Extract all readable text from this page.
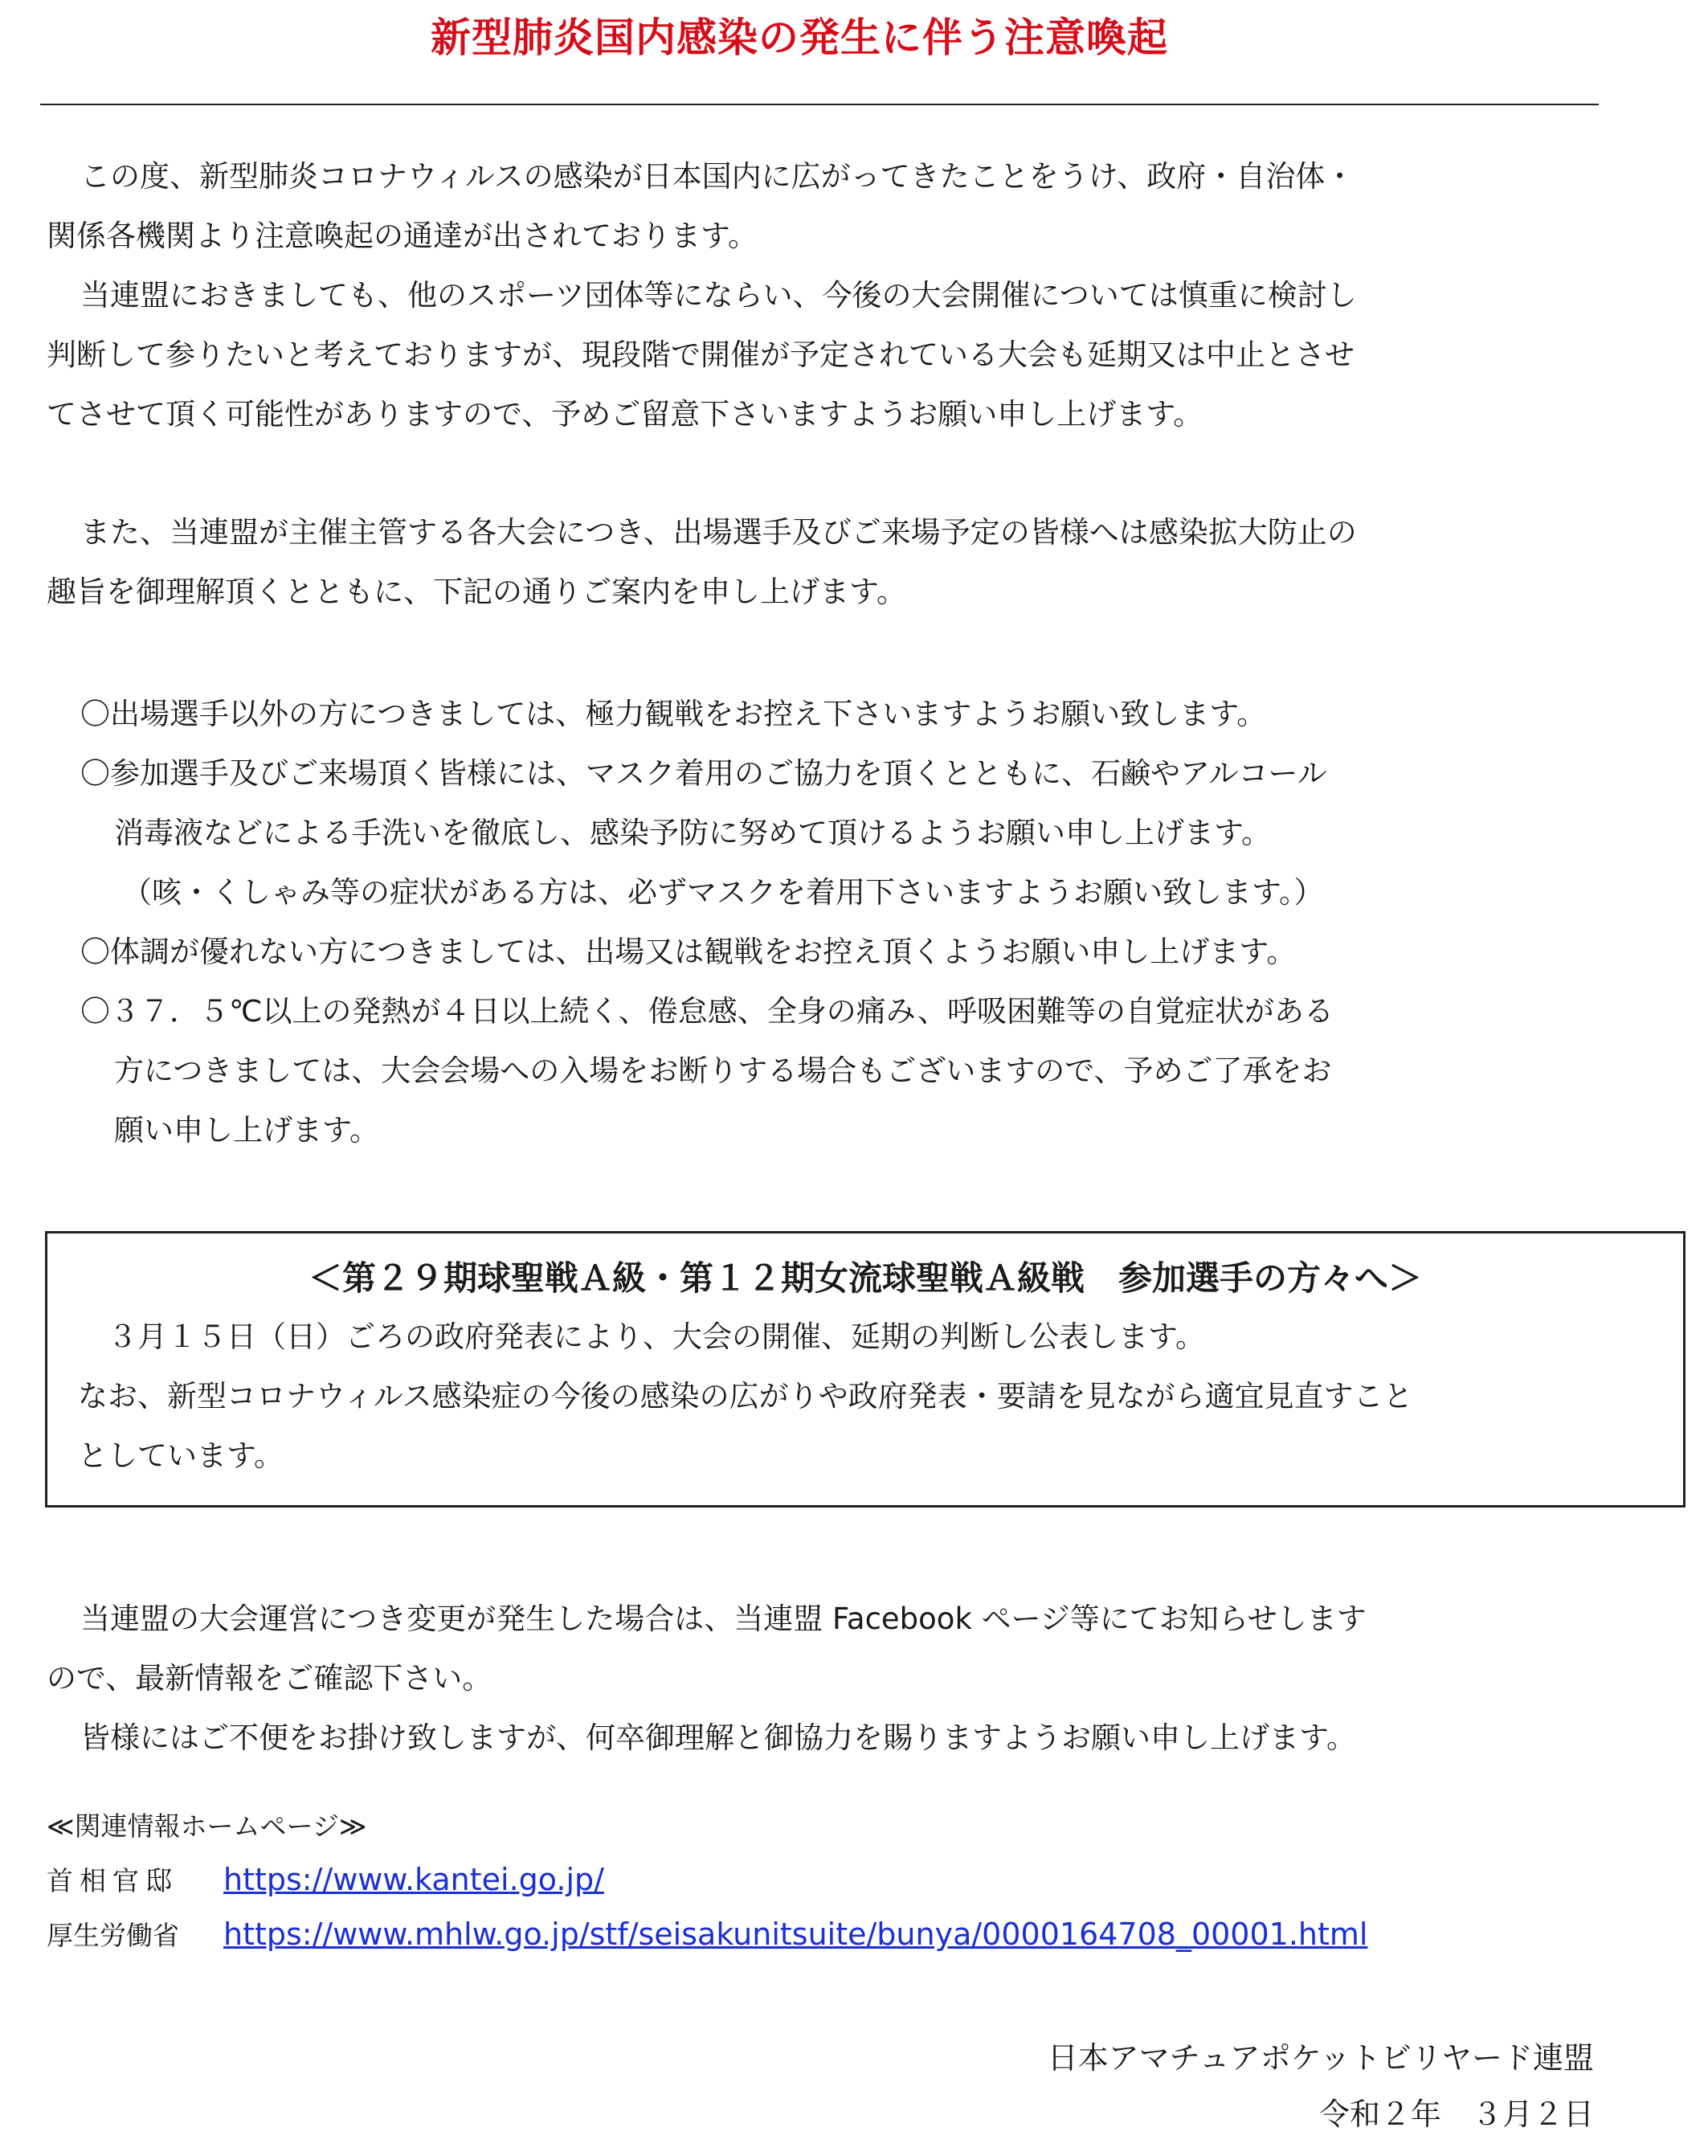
新型肺炎国内感染の発生に伴う注意喚起

この度、新型肺炎コロナウィルスの感染が日本国内に広がってきたことをうけ、政府・自治体・

関係各機関より注意喚起の通達が出されております。

当連盟におきましても、他のスポーツ団体等にならい、今後の大会開催については慎重に検討し

判断して参りたいと考えておりますが、現段階で開催が予定されている大会も延期又は中止とさせ

てさせて頂く可能性がありますので、予めご留意下さいますようお願い申し上げます。

また、当連盟が主催主管する各大会につき、出場選手及びご来場予定の皆様へは感染拡大防止の

趣旨を御理解頂くとともに、下記の通りご案内を申し上げます。

〇出場選手以外の方につきましては、極力観戦をお控え下さいますようお願い致します。

〇参加選手及びご来場頂く皆様には、マスク着用のご協力を頂くとともに、石鹸やアルコール

消毒液などによる手洗いを徹底し、感染予防に努めて頂けるようお願い申し上げます。

（咳・くしゃみ等の症状がある方は、必ずマスクを着用下さいますようお願い致します。）

〇体調が優れない方につきましては、出場又は観戦をお控え頂くようお願い申し上げます。

〇３７．５℃以上の発熱が４日以上続く、倦怠感、全身の痛み、呼吸困難等の自覚症状がある

方につきましては、大会会場への入場をお断りする場合もございますので、予めご了承をお

願い申し上げます。

＜第２９期球聖戦Ａ級・第１２期女流球聖戦Ａ級戦　参加選手の方々へ＞

　３月１５日（日）ごろの政府発表により、大会の開催、延期の判断し公表します。

なお、新型コロナウィルス感染症の今後の感染の広がりや政府発表・要請を見ながら適宜見直すこと

としています。

当連盟の大会運営につき変更が発生した場合は、当連盟 Facebook ページ等にてお知らせします

ので、最新情報をご確認下さい。

皆様にはご不便をお掛け致しますが、何卒御理解と御協力を賜りますようお願い申し上げます。

≪関連情報ホームページ≫

首相官邸	https://www.kantei.go.jp/

厚生労働省	https://www.mhlw.go.jp/stf/seisakunitsuite/bunya/0000164708_00001.html

日本アマチュアポケットビリヤード連盟
令和２年　３月２日
